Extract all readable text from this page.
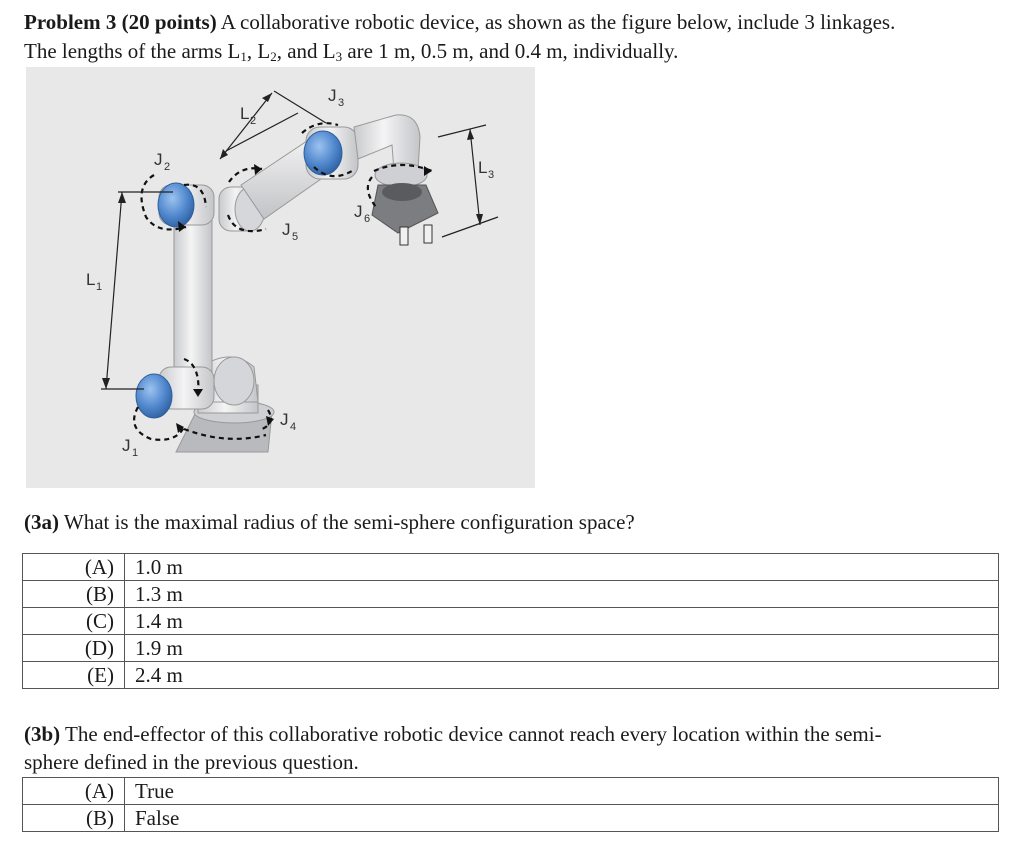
Problem 3 (20 points) A collaborative robotic device, as shown as the figure below, include 3 linkages.
The lengths of the arms $L_1$, $L_2$, and $L_3$ are 1 m, 0.5 m, and 0.4 m, individually.
L 1
L 2
L 3
J 1
J 2
J 3
J 4
J 5
J 6
(3a) What is the maximal radius of the semi-sphere configuration space?
(A)	1.0 m
(B)	1.3 m
(C)	1.4 m
(D)	1.9 m
(E)	2.4 m
(3b) The end-effector of this collaborative robotic device cannot reach every location within the semi-
sphere defined in the previous question.
(A)	True
(B)	False
